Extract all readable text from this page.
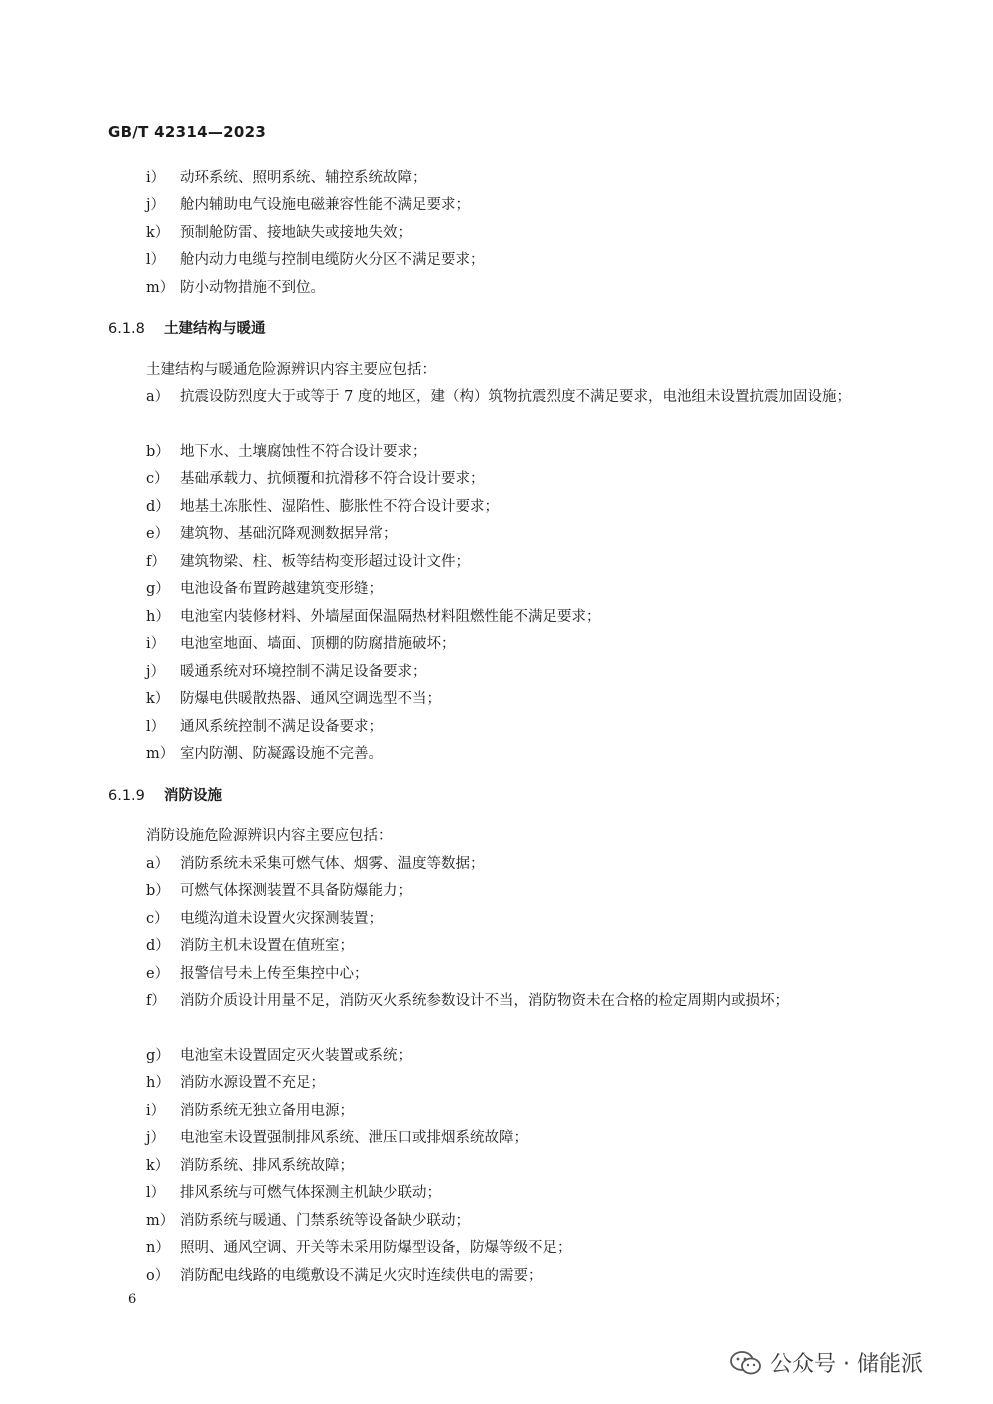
GB/T 42314—2023
i）	动环系统、照明系统、辅控系统故障；
j）	舱内辅助电气设施电磁兼容性能不满足要求；
k） 预制舱防雷、接地缺失或接地失效；
l）	舱内动力电缆与控制电缆防火分区不满足要求；
m） 防小动物措施不到位。
6.1.8 土建结构与暖通
土建结构与暖通危险源辨识内容主要应包括：
a） 抗震设防烈度大于或等于 7 度的地区，建（构）筑物抗震烈度不满足要求，电池组未设置抗震加固设施；
b） 地下水、土壤腐蚀性不符合设计要求；
c） 基础承载力、抗倾覆和抗滑移不符合设计要求；
d） 地基土冻胀性、湿陷性、膨胀性不符合设计要求；
e） 建筑物、基础沉降观测数据异常；
f） 建筑物梁、柱、板等结构变形超过设计文件；
g） 电池设备布置跨越建筑变形缝；
h） 电池室内装修材料、外墙屋面保温隔热材料阻燃性能不满足要求；
i）	电池室地面、墙面、顶棚的防腐措施破坏；
j）	暖通系统对环境控制不满足设备要求；
k） 防爆电供暖散热器、通风空调选型不当；
l）	通风系统控制不满足设备要求；
m） 室内防潮、防凝露设施不完善。
6.1.9 消防设施
消防设施危险源辨识内容主要应包括：
a） 消防系统未采集可燃气体、烟雾、温度等数据；
b） 可燃气体探测装置不具备防爆能力；
c） 电缆沟道未设置火灾探测装置；
d） 消防主机未设置在值班室；
e） 报警信号未上传至集控中心；
f） 消防介质设计用量不足，消防灭火系统参数设计不当，消防物资未在合格的检定周期内或损坏；
g） 电池室未设置固定灭火装置或系统；
h） 消防水源设置不充足；
i）	消防系统无独立备用电源；
j）	电池室未设置强制排风系统、泄压口或排烟系统故障；
k） 消防系统、排风系统故障；
l）	排风系统与可燃气体探测主机缺少联动；
m） 消防系统与暖通、门禁系统等设备缺少联动；
n） 照明、通风空调、开关等未采用防爆型设备，防爆等级不足；
o） 消防配电线路的电缆敷设不满足火灾时连续供电的需要；
6
公众号 · 储能派
